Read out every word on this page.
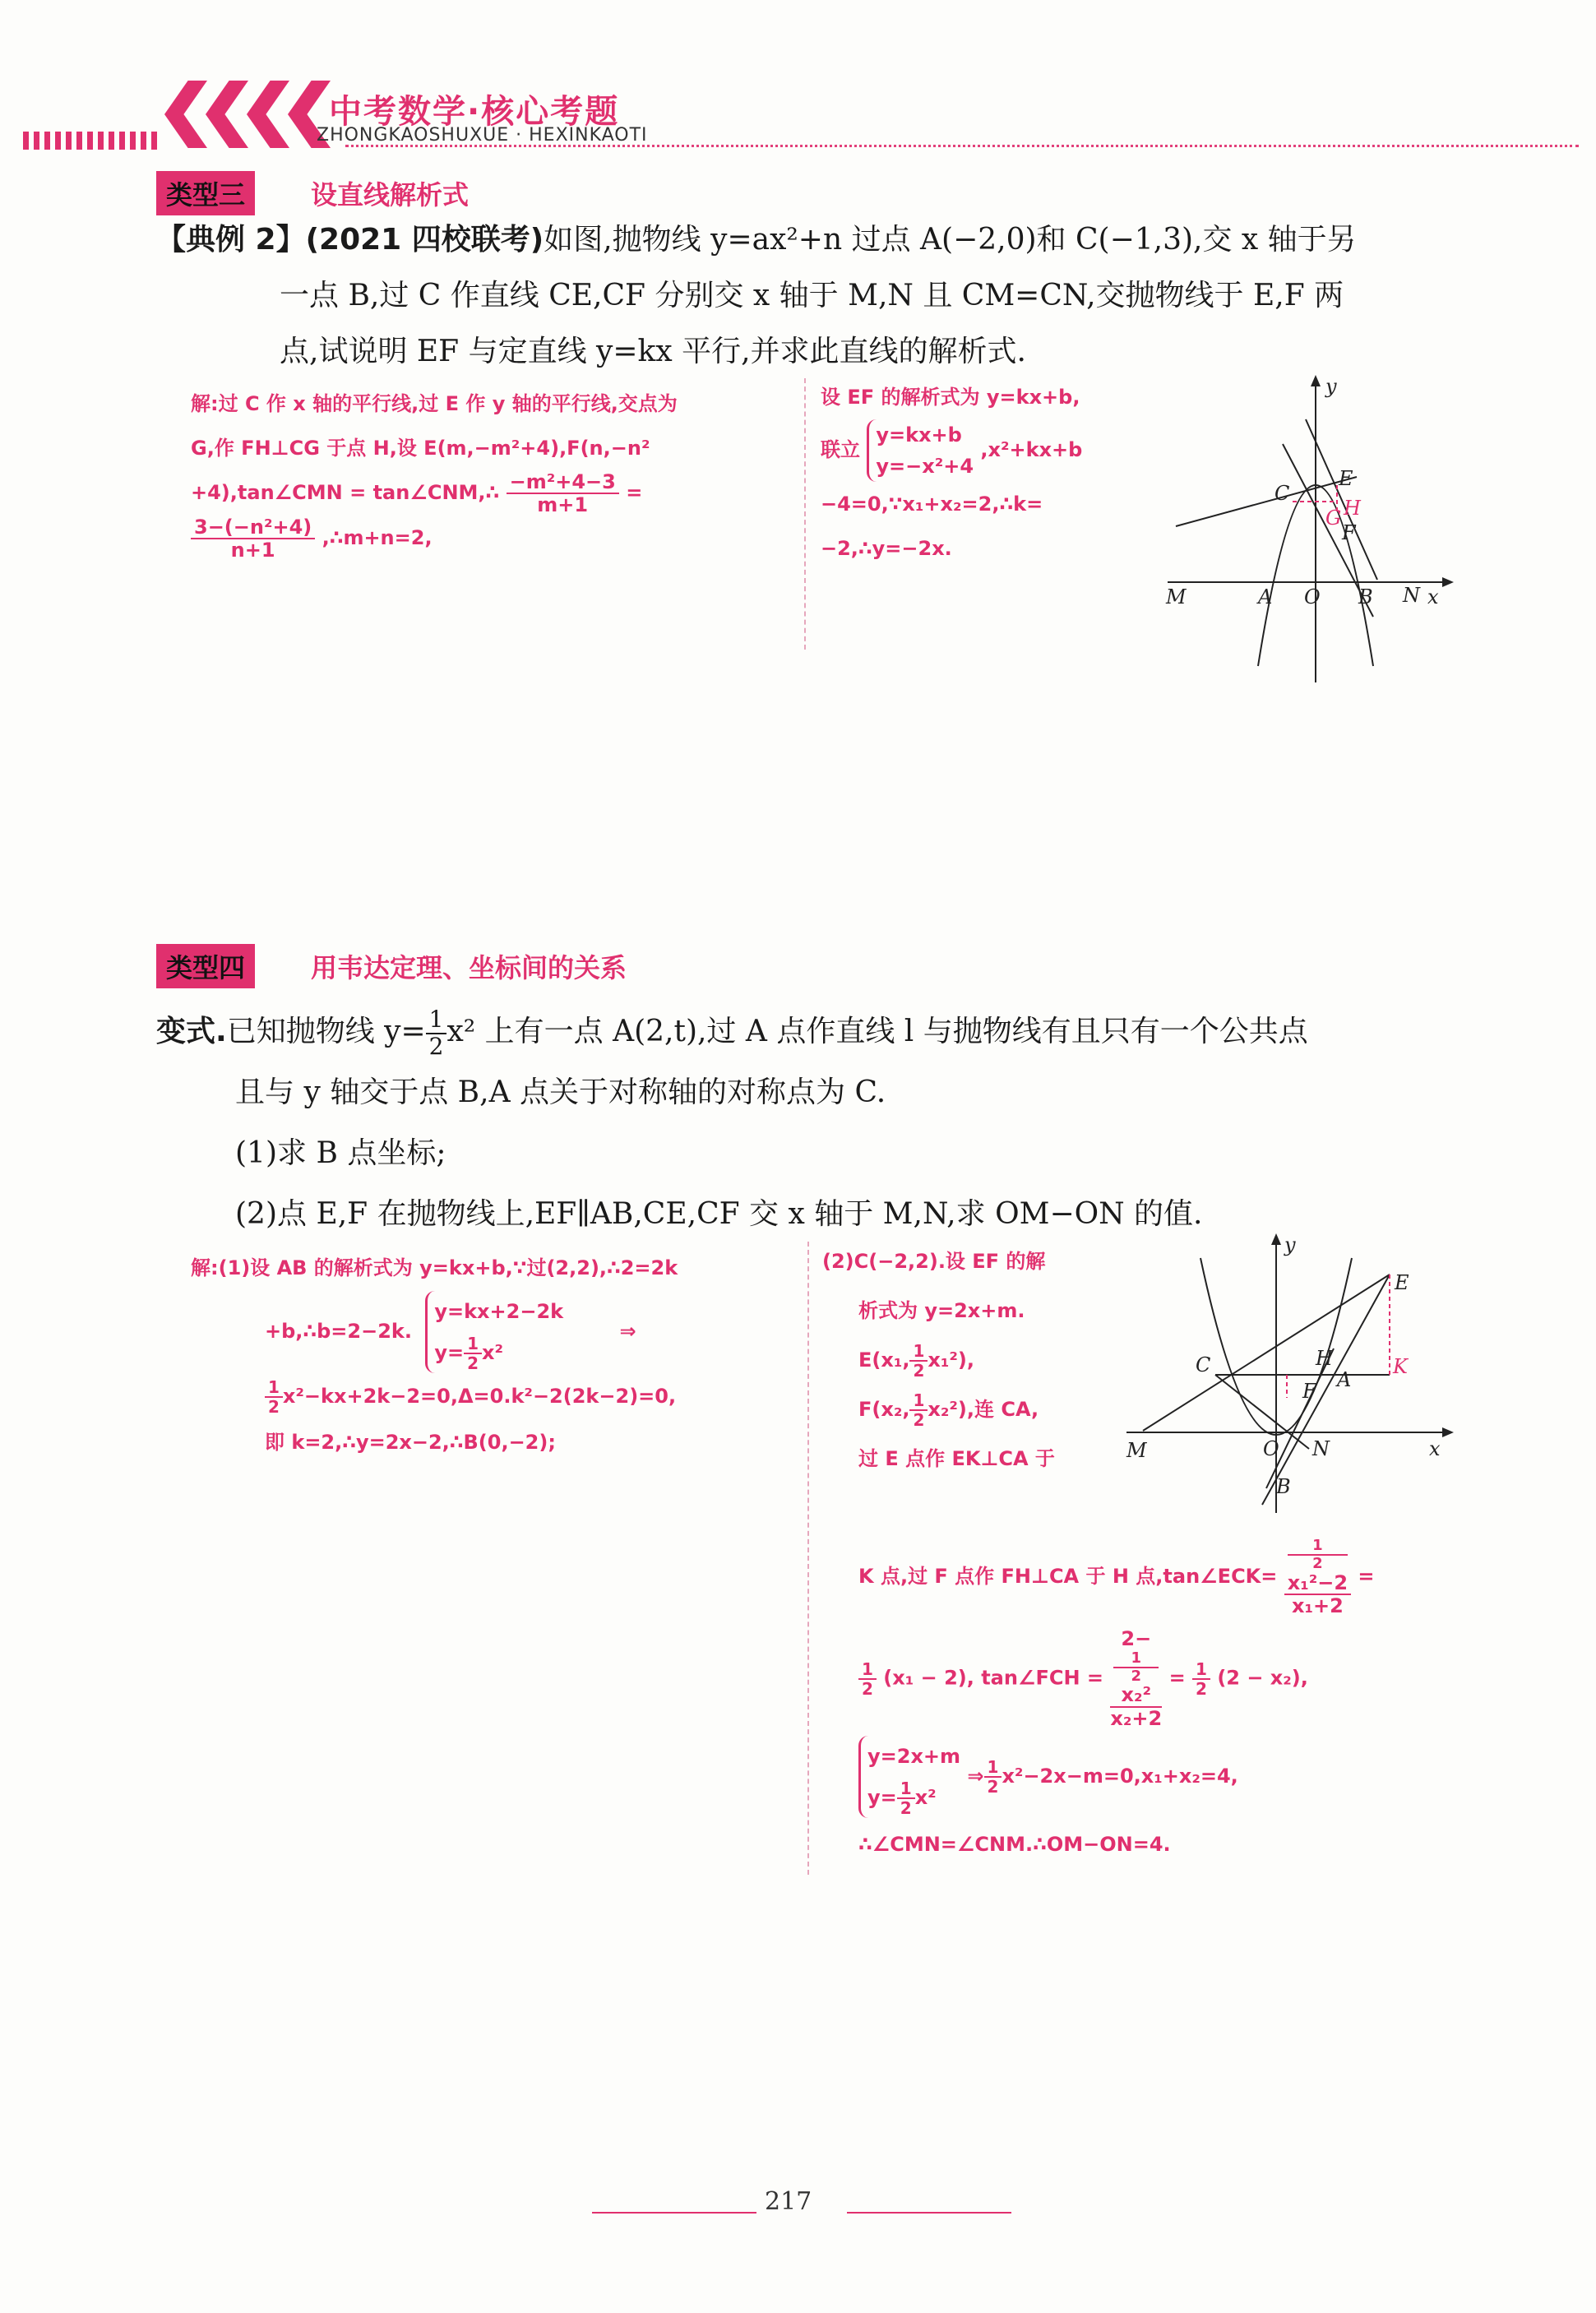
中考数学·核心考题
ZHONGKAOSHUXUE · HEXINKAOTI
类型三	设直线解析式
【典例 2】(2021 四校联考)如图,抛物线 y=ax²+n 过点 A(−2,0)和 C(−1,3),交 x 轴于另
一点 B,过 C 作直线 CE,CF 分别交 x 轴于 M,N 且 CM=CN,交抛物线于 E,F 两
点,试说明 EF 与定直线 y=kx 平行,并求此直线的解析式.
解:过 C 作 x 轴的平行线,过 E 作 y 轴的平行线,交点为
G,作 FH⊥CG 于点 H,设 E(m,−m²+4),F(n,−n²
+4),tan∠CMN = tan∠CNM,∴ $\frac{\text{−m²+4−3}}{m+1}$ =
$\frac{\text{3−(−n²+4)}}{n+1}$ ,∴m+n=2,
设 EF 的解析式为 y=kx+b,
联立
y=kx+b
y=−x²+4
,x²+kx+b
−4=0,∵x₁+x₂=2,∴k=
−2,∴y=−2x.
y
C
E
H
G
F
M	A O B N x
类型四	用韦达定理、坐标间的关系
变式.已知抛物线 $y= \frac{1}{2} x^2$ 上有一点 A(2,t),过 A 点作直线 l 与抛物线有且只有一个公共点
且与 y 轴交于点 B,A 点关于对称轴的对称点为 C.
(1)求 B 点坐标;
(2)点 E,F 在抛物线上,EF∥AB,CE,CF 交 x 轴于 M,N,求 OM−ON 的值.
解:(1)设 AB 的解析式为 y=kx+b,∵过(2,2),∴2=2k
+b,∴b=2−2k.
y=kx+2−2k
$y= \frac{1}{2} x^2$
⇒
$\frac{1}{2} x^2-kx+2k-2=0,\Delta=0.k^2-2(2k-2)=0$,
即 k=2,∴y=2x−2,∴B(0,−2);
(2)C(−2,2).设 EF 的解
析式为 y=2x+m.
E(x₁, $\frac{1}{2} x_1^2$),
F(x₂, $\frac{1}{2} x_2^2$),连 CA,
过 E 点作 EK⊥CA 于
K 点,过 F 点作 FH⊥CA 于 H 点,tan∠ECK= 1
2
x₁²−2
x₁+2 =
$\frac{1}{2} (x_1 - 2)$, tan∠FCH = 2−
1
2
x₂²
$x_2+2 = \frac{1}{2} (2 - x_2)$,
y=2x+m
$y= \frac{1}{2} x^2$
⇒ $\frac{1}{2} x^2-2x-m=0,x_1+x_2=4$,
∴∠CMN=∠CNM.∴OM−ON=4.
y
E
C	H	K
F A
M	O N	x
B
217
